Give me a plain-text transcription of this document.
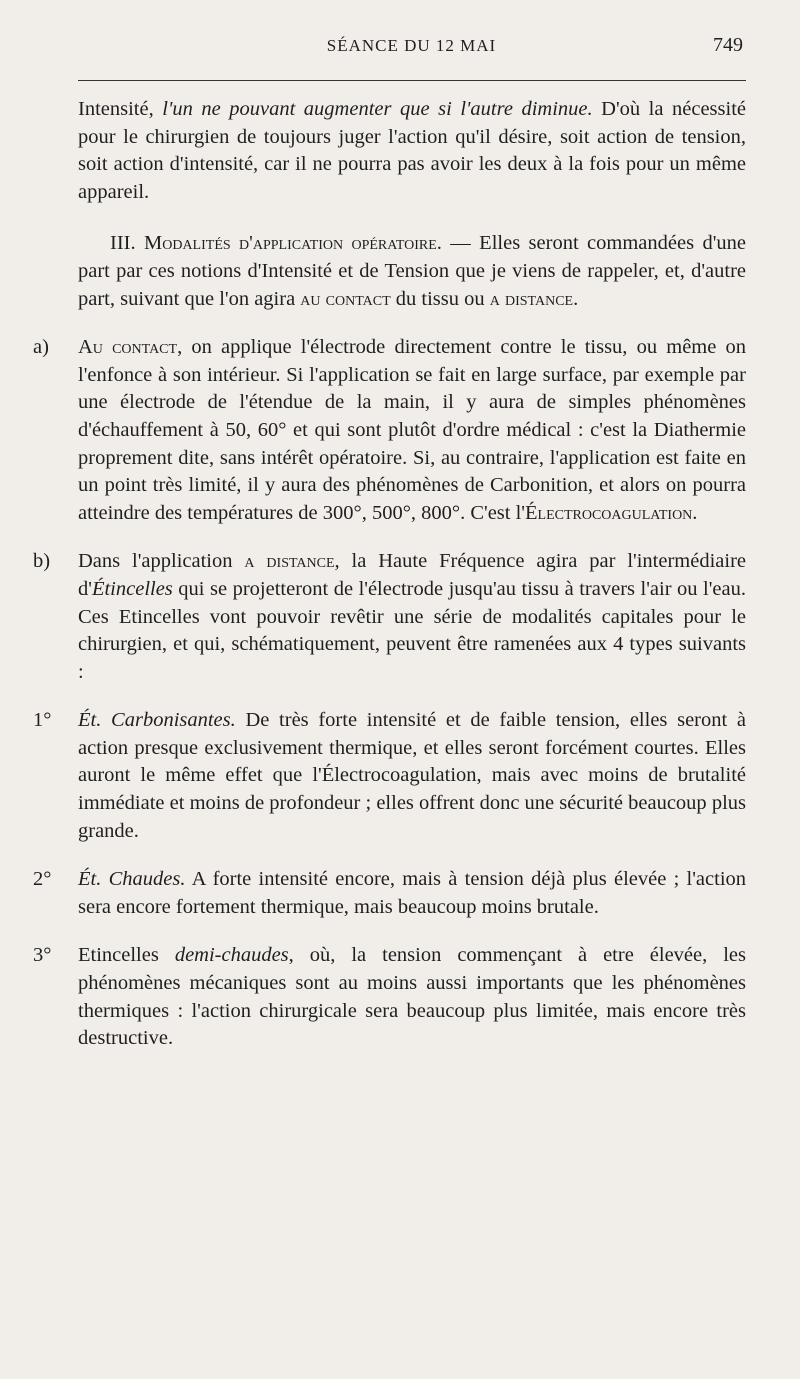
SÉANCE DU 12 MAI	749

Intensité, l'un ne pouvant augmenter que si l'autre diminue. D'où la nécessité pour le chirurgien de toujours juger l'action qu'il désire, soit action de tension, soit action d'intensité, car il ne pourra pas avoir les deux à la fois pour un même appareil.

III. Modalités d'application opératoire. — Elles seront commandées d'une part par ces notions d'Intensité et de Tension que je viens de rappeler, et, d'autre part, suivant que l'on agira au contact du tissu ou a distance.

a) Au contact, on applique l'électrode directement contre le tissu, ou même on l'enfonce à son intérieur. Si l'application se fait en large surface, par exemple par une électrode de l'étendue de la main, il y aura de simples phénomènes d'échauffement à 50, 60° et qui sont plutôt d'ordre médical : c'est la Diathermie proprement dite, sans intérêt opératoire. Si, au contraire, l'application est faite en un point très limité, il y aura des phénomènes de Carbonition, et alors on pourra atteindre des températures de 300°, 500°, 800°. C'est l'Électrocoagulation.

b) Dans l'application a distance, la Haute Fréquence agira par l'intermédiaire d'Étincelles qui se projetteront de l'électrode jusqu'au tissu à travers l'air ou l'eau. Ces Etincelles vont pouvoir revêtir une série de modalités capitales pour le chirurgien, et qui, schématiquement, peuvent être ramenées aux 4 types suivants :

1° Ét. Carbonisantes. De très forte intensité et de faible tension, elles seront à action presque exclusivement thermique, et elles seront forcément courtes. Elles auront le même effet que l'Électrocoagulation, mais avec moins de brutalité immédiate et moins de profondeur ; elles offrent donc une sécurité beaucoup plus grande.

2° Ét. Chaudes. A forte intensité encore, mais à tension déjà plus élevée ; l'action sera encore fortement thermique, mais beaucoup moins brutale.

3° Etincelles demi-chaudes, où, la tension commençant à etre élevée, les phénomènes mécaniques sont au moins aussi importants que les phénomènes thermiques : l'action chirurgicale sera beaucoup plus limitée, mais encore très destructive.
